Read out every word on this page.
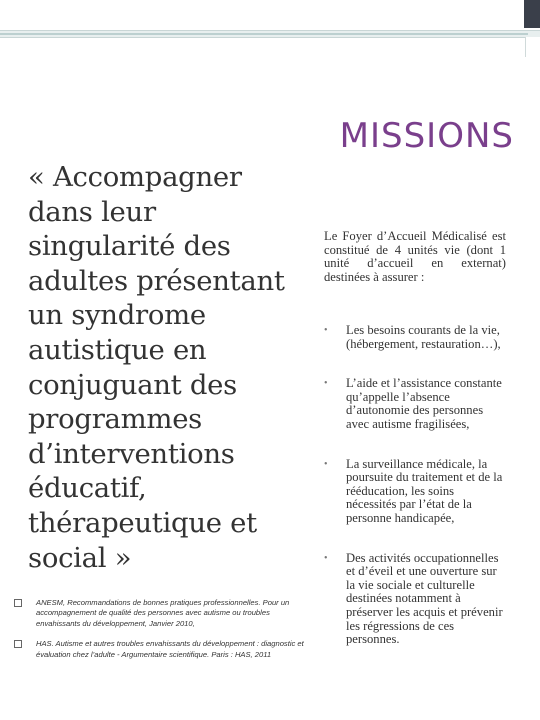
« Accompagner dans leur singularité des adultes présentant un syndrome autistique en conjuguant des programmes d’interventions éducatif, thérapeutique et social »
ANESM, Recommandations de bonnes pratiques professionnelles. Pour un accompagnement de qualité des personnes avec autisme ou troubles envahissants du développement, Janvier 2010,
HAS. Autisme et autres troubles envahissants du développement : diagnostic et évaluation chez l’adulte - Argumentaire scientifique. Paris : HAS, 2011
MISSIONS
Le Foyer d’Accueil Médicalisé est constitué de 4 unités vie (dont 1 unité d’accueil en externat) destinées à assurer :
• Les besoins courants de la vie, (hébergement, restauration…),
• L’aide et l’assistance constante qu’appelle l’absence d’autonomie des personnes avec autisme fragilisées,
• La surveillance médicale, la poursuite du traitement et de la rééducation, les soins nécessités par l’état de la personne handicapée,
• Des activités occupationnelles et d’éveil et une ouverture sur la vie sociale et culturelle destinées notamment à préserver les acquis et prévenir les régressions de ces personnes.
